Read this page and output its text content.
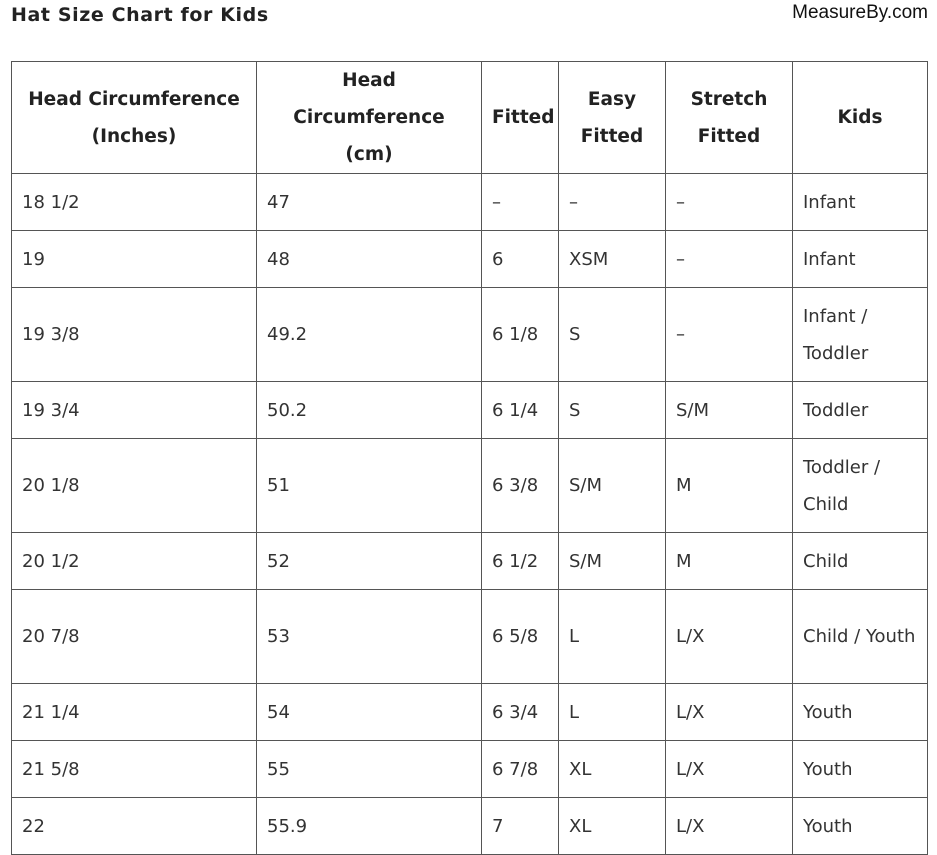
Hat Size Chart for Kids	MeasureBy.com
Head Circumference (Inches)	Head Circumference (cm)	Fitted	Easy Fitted	Stretch Fitted	Kids
18 1/2	47	–	–	–	Infant
19	48	6	XSM	–	Infant
19 3/8	49.2	6 1/8	S	–	Infant / Toddler
19 3/4	50.2	6 1/4	S	S/M	Toddler
20 1/8	51	6 3/8	S/M	M	Toddler / Child
20 1/2	52	6 1/2	S/M	M	Child
20 7/8	53	6 5/8	L	L/X	Child / Youth
21 1/4	54	6 3/4	L	L/X	Youth
21 5/8	55	6 7/8	XL	L/X	Youth
22	55.9	7	XL	L/X	Youth
